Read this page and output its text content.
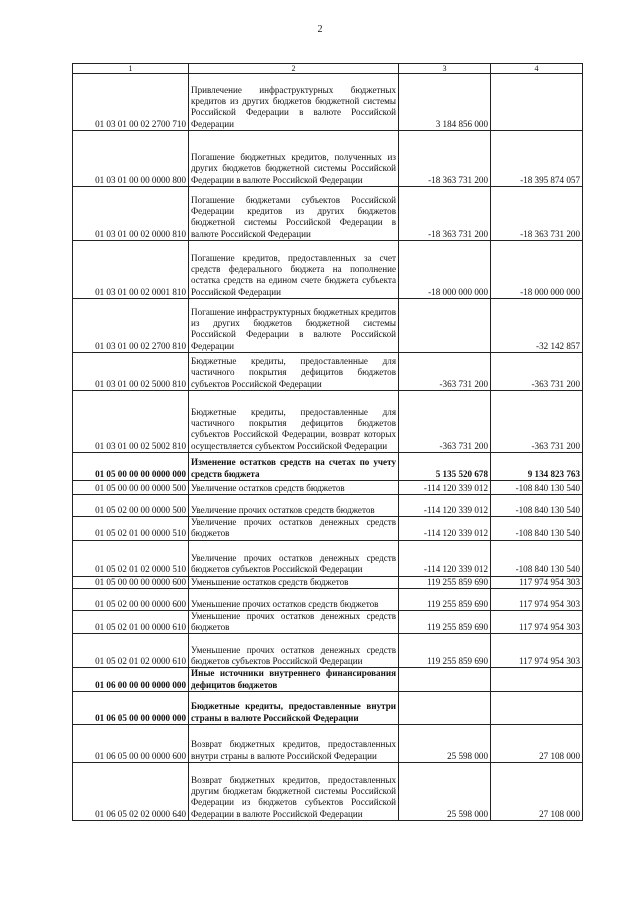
2
1	2	3	4
01 03 01 00 02 2700 710	Привлечение инфраструктурных бюджетных кредитов из других бюджетов бюджетной системы Российской Федерации в валюте Российской Федерации	3 184 856 000	
01 03 01 00 00 0000 800	Погашение бюджетных кредитов, полученных из других бюджетов бюджетной системы Российской Федерации в валюте Российской Федерации	-18 363 731 200	-18 395 874 057
01 03 01 00 02 0000 810	Погашение бюджетами субъектов Российской Федерации кредитов из других бюджетов бюджетной системы Российской Федерации в валюте Российской Федерации	-18 363 731 200	-18 363 731 200
01 03 01 00 02 0001 810	Погашение кредитов, предоставленных за счет средств федерального бюджета на пополнение остатка средств на едином счете бюджета субъекта Российской Федерации	-18 000 000 000	-18 000 000 000
01 03 01 00 02 2700 810	Погашение инфраструктурных бюджетных кредитов из других бюджетов бюджетной системы Российской Федерации в валюте Российской Федерации		-32 142 857
01 03 01 00 02 5000 810	Бюджетные кредиты, предоставленные для частичного покрытия дефицитов бюджетов субъектов Российской Федерации	-363 731 200	-363 731 200
01 03 01 00 02 5002 810	Бюджетные кредиты, предоставленные для частичного покрытия дефицитов бюджетов субъектов Российской Федерации, возврат которых осуществляется субъектом Российской Федерации	-363 731 200	-363 731 200
01 05 00 00 00 0000 000	Изменение остатков средств на счетах по учету средств бюджета	5 135 520 678	9 134 823 763
01 05 00 00 00 0000 500	Увеличение остатков средств бюджетов	-114 120 339 012	-108 840 130 540
01 05 02 00 00 0000 500	Увеличение прочих остатков средств бюджетов	-114 120 339 012	-108 840 130 540
01 05 02 01 00 0000 510	Увеличение прочих остатков денежных средств бюджетов	-114 120 339 012	-108 840 130 540
01 05 02 01 02 0000 510	Увеличение прочих остатков денежных средств бюджетов субъектов Российской Федерации	-114 120 339 012	-108 840 130 540
01 05 00 00 00 0000 600	Уменьшение остатков средств бюджетов	119 255 859 690	117 974 954 303
01 05 02 00 00 0000 600	Уменьшение прочих остатков средств бюджетов	119 255 859 690	117 974 954 303
01 05 02 01 00 0000 610	Уменьшение прочих остатков денежных средств бюджетов	119 255 859 690	117 974 954 303
01 05 02 01 02 0000 610	Уменьшение прочих остатков денежных средств бюджетов субъектов Российской Федерации	119 255 859 690	117 974 954 303
01 06 00 00 00 0000 000	Иные источники внутреннего финансирования дефицитов бюджетов		
01 06 05 00 00 0000 000	Бюджетные кредиты, предоставленные внутри страны в валюте Российской Федерации		
01 06 05 00 00 0000 600	Возврат бюджетных кредитов, предоставленных внутри страны в валюте Российской Федерации	25 598 000	27 108 000
01 06 05 02 02 0000 640	Возврат бюджетных кредитов, предоставленных другим бюджетам бюджетной системы Российской Федерации из бюджетов субъектов Российской Федерации в валюте Российской Федерации	25 598 000	27 108 000
